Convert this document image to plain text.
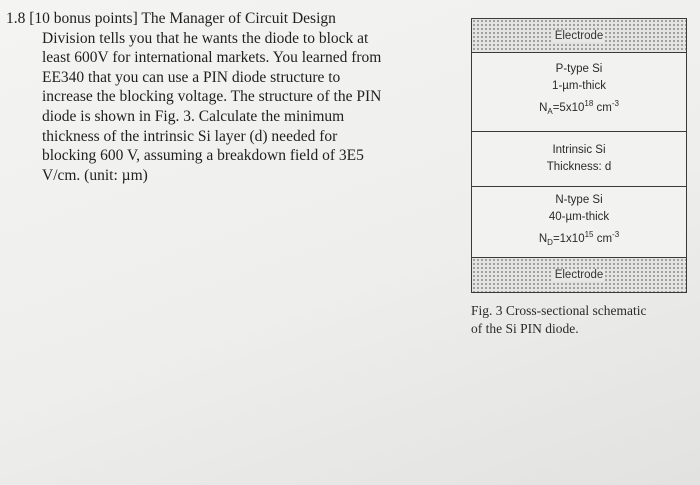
1.8 [10 bonus points] The Manager of Circuit Design
Division tells you that he wants the diode to block at
least 600V for international markets. You learned from
EE340 that you can use a PIN diode structure to
increase the blocking voltage. The structure of the PIN
diode is shown in Fig. 3. Calculate the minimum
thickness of the intrinsic Si layer (d) needed for
blocking 600 V, assuming a breakdown field of 3E5
V/cm. (unit: µm)
Electrode
P-type Si
1-µm-thick
$N_A=5x10^{18}$ $cm^{-3}$
Intrinsic Si
Thickness: d
N-type Si
40-µm-thick
$N_D=1x10^{15}$ $cm^{-3}$
Electrode
Fig. 3 Cross-sectional schematic
of the Si PIN diode.
